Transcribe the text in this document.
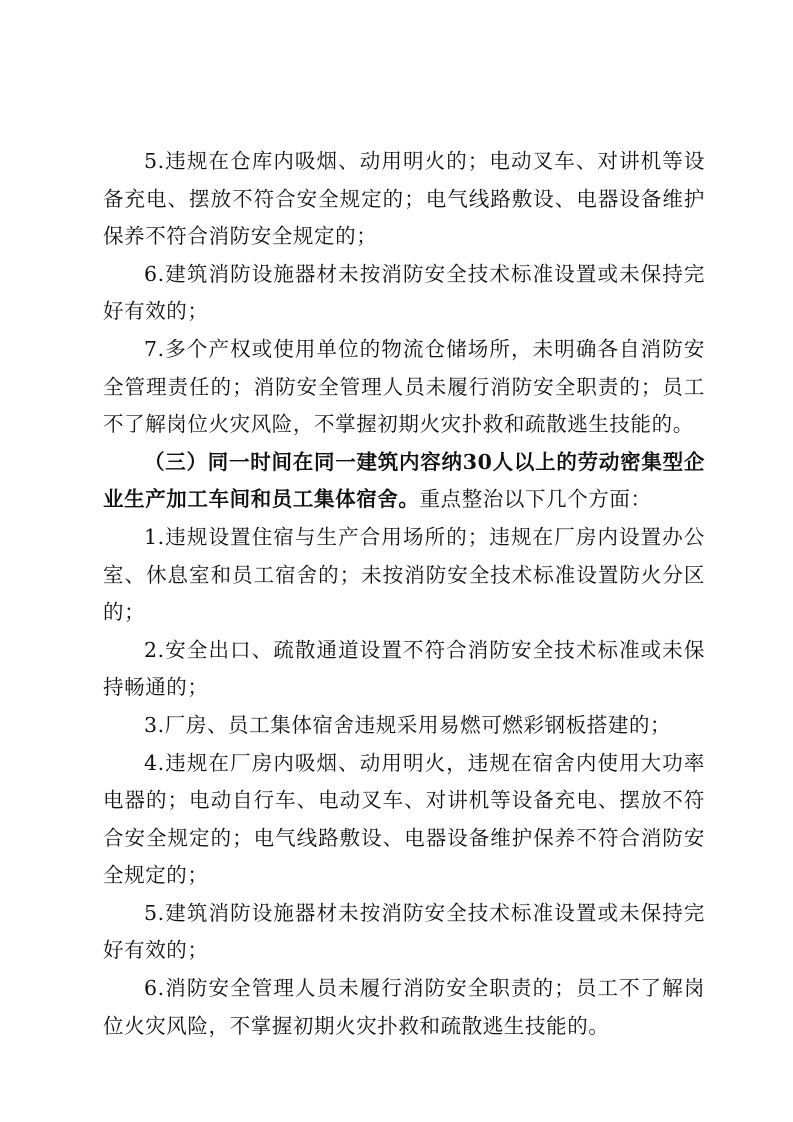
5.违规在仓库内吸烟、动用明火的；电动叉车、对讲机等设备充电、摆放不符合安全规定的；电气线路敷设、电器设备维护保养不符合消防安全规定的；

6.建筑消防设施器材未按消防安全技术标准设置或未保持完好有效的；

7.多个产权或使用单位的物流仓储场所，未明确各自消防安全管理责任的；消防安全管理人员未履行消防安全职责的；员工不了解岗位火灾风险，不掌握初期火灾扑救和疏散逃生技能的。

（三）同一时间在同一建筑内容纳30人以上的劳动密集型企业生产加工车间和员工集体宿舍。重点整治以下几个方面：

1.违规设置住宿与生产合用场所的；违规在厂房内设置办公室、休息室和员工宿舍的；未按消防安全技术标准设置防火分区的；

2.安全出口、疏散通道设置不符合消防安全技术标准或未保持畅通的；

3.厂房、员工集体宿舍违规采用易燃可燃彩钢板搭建的；

4.违规在厂房内吸烟、动用明火，违规在宿舍内使用大功率电器的；电动自行车、电动叉车、对讲机等设备充电、摆放不符合安全规定的；电气线路敷设、电器设备维护保养不符合消防安全规定的；

5.建筑消防设施器材未按消防安全技术标准设置或未保持完好有效的；

6.消防安全管理人员未履行消防安全职责的；员工不了解岗位火灾风险，不掌握初期火灾扑救和疏散逃生技能的。
